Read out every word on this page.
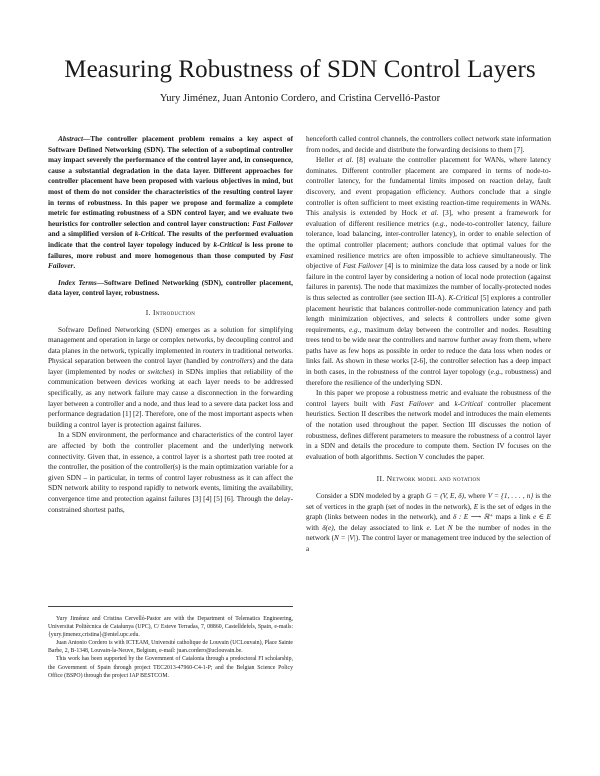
Measuring Robustness of SDN Control Layers
Yury Jiménez, Juan Antonio Cordero, and Cristina Cervelló-Pastor

Abstract—The controller placement problem remains a key aspect of Software Defined Networking (SDN). The selection of a suboptimal controller may impact severely the performance of the control layer and, in consequence, cause a substantial degradation in the data layer. Different approaches for controller placement have been proposed with various objectives in mind, but most of them do not consider the characteristics of the resulting control layer in terms of robustness. In this paper we propose and formalize a complete metric for estimating robustness of a SDN control layer, and we evaluate two heuristics for controller selection and control layer construction: Fast Failover and a simplified version of k-Critical. The results of the performed evaluation indicate that the control layer topology induced by k-Critical is less prone to failures, more robust and more homogenous than those computed by Fast Failover.

Index Terms—Software Defined Networking (SDN), controller placement, data layer, control layer, robustness.

I. Introduction

Software Defined Networking (SDN) emerges as a solution for simplifying management and operation in large or complex networks, by decoupling control and data planes in the network, typically implemented in routers in traditional networks. Physical separation between the control layer (handled by controllers) and the data layer (implemented by nodes or switches) in SDNs implies that reliability of the communication between devices working at each layer needs to be addressed specifically, as any network failure may cause a disconnection in the forwarding layer between a controller and a node, and thus lead to a severe data packet loss and performance degradation [1] [2]. Therefore, one of the most important aspects when building a control layer is protection against failures.

In a SDN environment, the performance and characteristics of the control layer are affected by both the controller placement and the underlying network connectivity. Given that, in essence, a control layer is a shortest path tree rooted at the controller, the position of the controller(s) is the main optimization variable for a given SDN – in particular, in terms of control layer robustness as it can affect the SDN network ability to respond rapidly to network events, limiting the availability, convergence time and protection against failures [3] [4] [5] [6]. Through the delay-constrained shortest paths,

Yury Jiménez and Cristina Cervelló-Pastor are with the Department of Telematics Engineering, Universitat Politècnica de Catalunya (UPC), C/ Esteve Terradas, 7, 08860, Castelldefels, Spain, e-mails: {yury.jimenez,cristina}@entel.upc.edu.

Juan Antonio Cordero is with ICTEAM, Université catholique de Louvain (UCLouvain), Place Sainte Barbe, 2, B-1348, Louvain-la-Neuve, Belgium, e-mail: juan.cordero@uclouvain.be.

This work has been supported by the Government of Catalonia through a predoctoral FI scholarship, the Government of Spain through project TEC2013-47960-C4-1-P; and the Belgian Science Policy Office (BSPO) through the project IAP BESTCOM.

henceforth called control channels, the controllers collect network state information from nodes, and decide and distribute the forwarding decisions to them [7].

Heller et al. [8] evaluate the controller placement for WANs, where latency dominates. Different controller placement are compared in terms of node-to-controller latency, for the fundamental limits imposed on reaction delay, fault discovery, and event propagation efficiency. Authors conclude that a single controller is often sufficient to meet existing reaction-time requirements in WANs. This analysis is extended by Hock et al. [3], who present a framework for evaluation of different resilience metrics (e.g., node-to-controller latency, failure tolerance, load balancing, inter-controller latency), in order to enable selection of the optimal controller placement; authors conclude that optimal values for the examined resilience metrics are often impossible to achieve simultaneously. The objective of Fast Failover [4] is to minimize the data loss caused by a node or link failure in the control layer by considering a notion of local node protection (against failures in parents). The node that maximizes the number of locally-protected nodes is thus selected as controller (see section III-A). K-Critical [5] explores a controller placement heuristic that balances controller-node communication latency and path length minimization objectives, and selects k controllers under some given requirements, e.g., maximum delay between the controller and nodes. Resulting trees tend to be wide near the controllers and narrow further away from them, where paths have as few hops as possible in order to reduce the data loss when nodes or links fail. As shown in these works [2-6], the controller selection has a deep impact in both cases, in the robustness of the control layer topology (e.g., robustness) and therefore the resilience of the underlying SDN.

In this paper we propose a robustness metric and evaluate the robustness of the control layers built with Fast Failover and k-Critical controller placement heuristics. Section II describes the network model and introduces the main elements of the notation used throughout the paper. Section III discusses the notion of robustness, defines different parameters to measure the robustness of a control layer in a SDN and details the procedure to compute them. Section IV focuses on the evaluation of both algorithms. Section V concludes the paper.

II. Network model and notation

Consider a SDN modeled by a graph G = (V, E, δ), where V = {1, . . . , n} is the set of vertices in the graph (set of nodes in the network), E is the set of edges in the graph (links between nodes in the network), and δ : E ⟶ ℝ⁺ maps a link e ∈ E with δ(e), the delay associated to link e. Let N be the number of nodes in the network (N = |V|). The control layer or management tree induced by the selection of a
